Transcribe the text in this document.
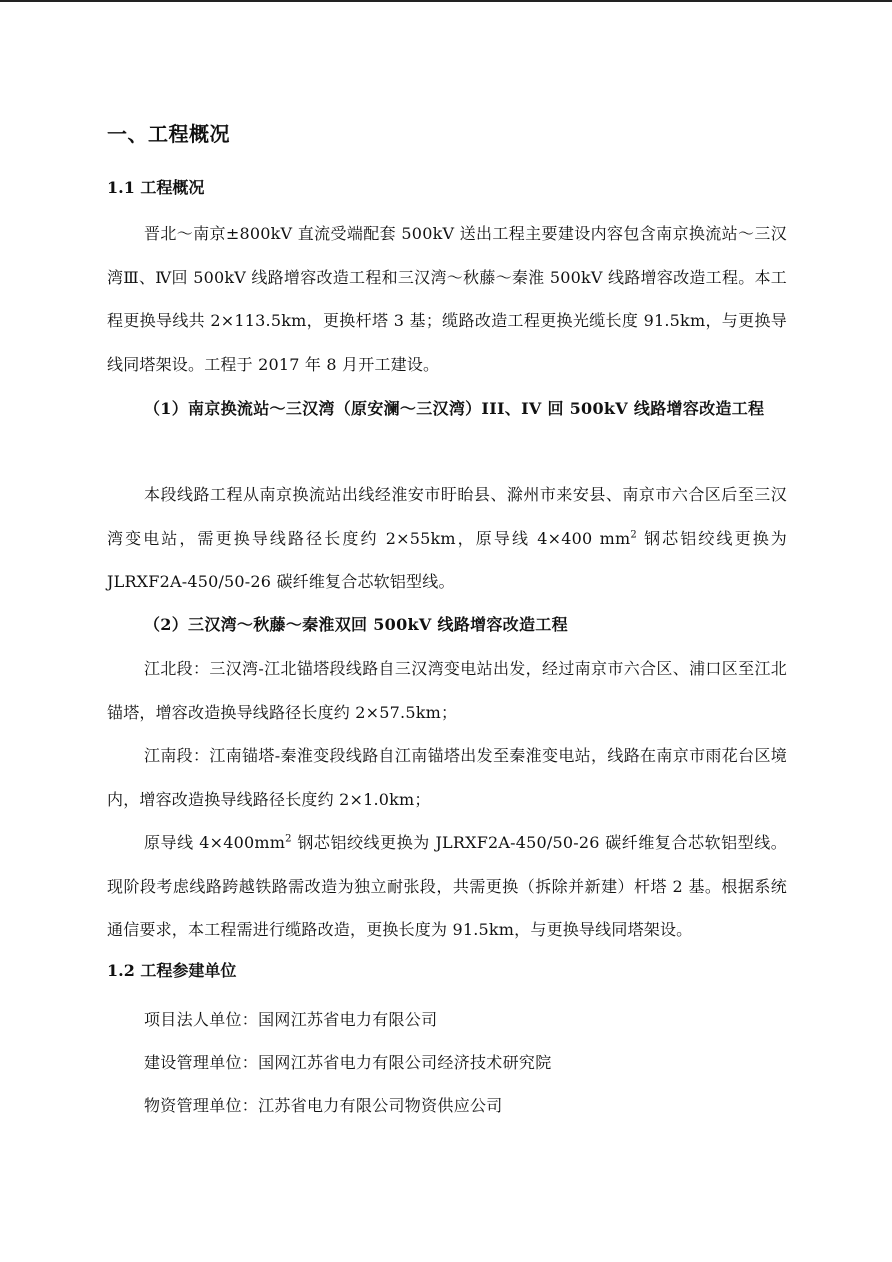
一、工程概况
1.1 工程概况
晋北～南京±800kV 直流受端配套 500kV 送出工程主要建设内容包含南京换流站～三汉湾Ⅲ、Ⅳ回 500kV 线路增容改造工程和三汉湾～秋藤～秦淮 500kV 线路增容改造工程。本工程更换导线共 2×113.5km，更换杆塔 3 基；缆路改造工程更换光缆长度 91.5km，与更换导线同塔架设。工程于 2017 年 8 月开工建设。
（1）南京换流站～三汉湾（原安澜～三汉湾）III、IV 回 500kV 线路增容改造工程
本段线路工程从南京换流站出线经淮安市盱眙县、滁州市来安县、南京市六合区后至三汉湾变电站，需更换导线路径长度约 2×55km，原导线 4×400 $mm^2$ 钢芯铝绞线更换为 JLRXF2A-450/50-26 碳纤维复合芯软铝型线。
（2）三汉湾～秋藤～秦淮双回 500kV 线路增容改造工程
江北段：三汉湾-江北锚塔段线路自三汉湾变电站出发，经过南京市六合区、浦口区至江北锚塔，增容改造换导线路径长度约 2×57.5km；
江南段：江南锚塔-秦淮变段线路自江南锚塔出发至秦淮变电站，线路在南京市雨花台区境内，增容改造换导线路径长度约 2×1.0km；
原导线 $4\times 400mm^2$ 钢芯铝绞线更换为 JLRXF2A-450/50-26 碳纤维复合芯软铝型线。现阶段考虑线路跨越铁路需改造为独立耐张段，共需更换（拆除并新建）杆塔 2 基。根据系统通信要求，本工程需进行缆路改造，更换长度为 91.5km，与更换导线同塔架设。
1.2 工程参建单位
项目法人单位：国网江苏省电力有限公司
建设管理单位：国网江苏省电力有限公司经济技术研究院
物资管理单位：江苏省电力有限公司物资供应公司
